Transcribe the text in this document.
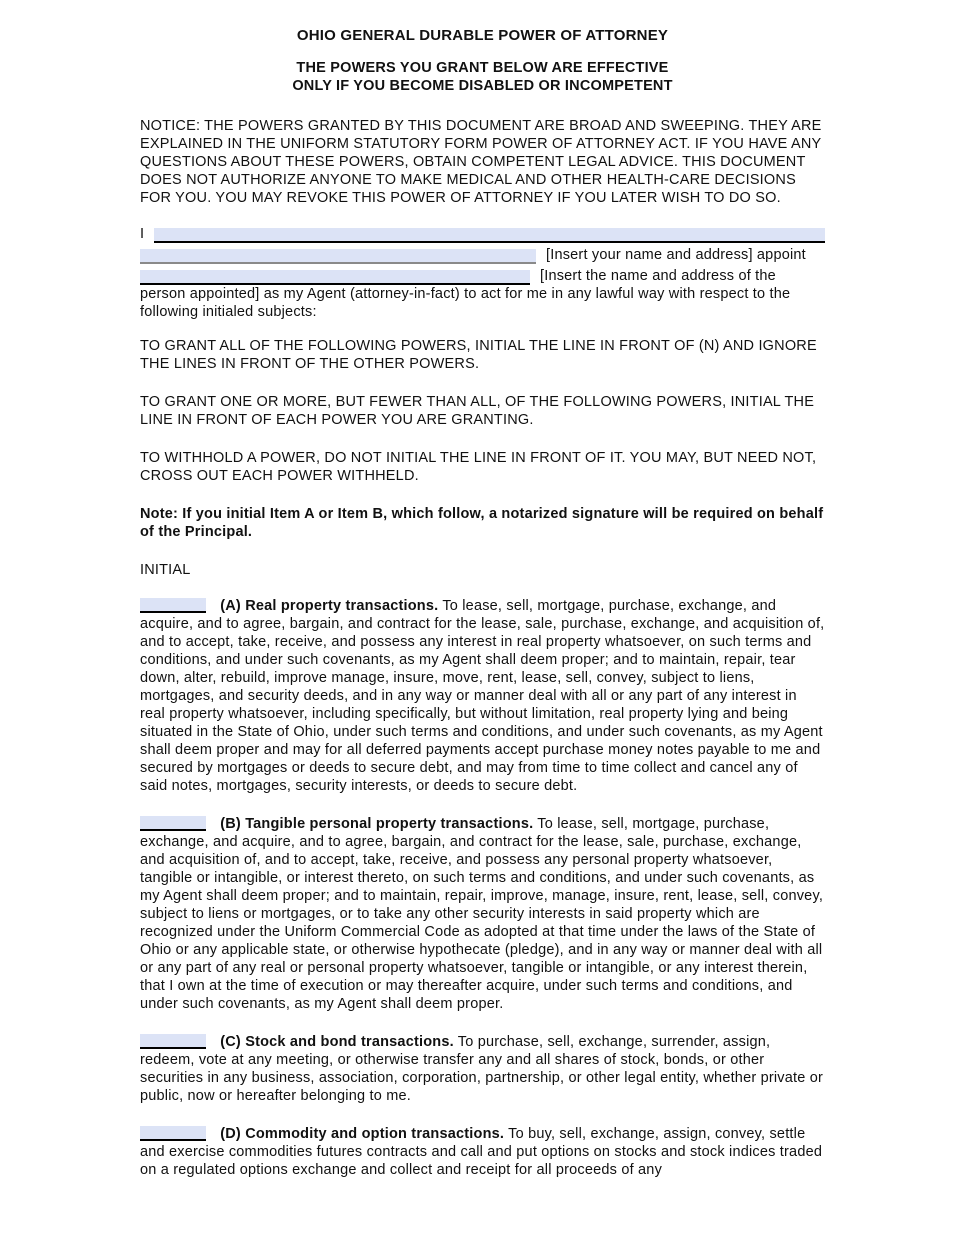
OHIO GENERAL DURABLE POWER OF ATTORNEY
THE POWERS YOU GRANT BELOW ARE EFFECTIVE
ONLY IF YOU BECOME DISABLED OR INCOMPETENT

NOTICE: THE POWERS GRANTED BY THIS DOCUMENT ARE BROAD AND SWEEPING. THEY ARE EXPLAINED IN THE UNIFORM STATUTORY FORM POWER OF ATTORNEY ACT. IF YOU HAVE ANY QUESTIONS ABOUT THESE POWERS, OBTAIN COMPETENT LEGAL ADVICE. THIS DOCUMENT DOES NOT AUTHORIZE ANYONE TO MAKE MEDICAL AND OTHER HEALTH-CARE DECISIONS FOR YOU. YOU MAY REVOKE THIS POWER OF ATTORNEY IF YOU LATER WISH TO DO SO.

I
[Insert your name and address] appoint
[Insert the name and address of the

person appointed] as my Agent (attorney-in-fact) to act for me in any lawful way with respect to the following initialed subjects:

TO GRANT ALL OF THE FOLLOWING POWERS, INITIAL THE LINE IN FRONT OF (N) AND IGNORE THE LINES IN FRONT OF THE OTHER POWERS.

TO GRANT ONE OR MORE, BUT FEWER THAN ALL, OF THE FOLLOWING POWERS, INITIAL THE LINE IN FRONT OF EACH POWER YOU ARE GRANTING.

TO WITHHOLD A POWER, DO NOT INITIAL THE LINE IN FRONT OF IT. YOU MAY, BUT NEED NOT, CROSS OUT EACH POWER WITHHELD.

Note: If you initial Item A or Item B, which follow, a notarized signature will be required on behalf of the Principal.

INITIAL

(A) Real property transactions. To lease, sell, mortgage, purchase, exchange, and acquire, and to agree, bargain, and contract for the lease, sale, purchase, exchange, and acquisition of, and to accept, take, receive, and possess any interest in real property whatsoever, on such terms and conditions, and under such covenants, as my Agent shall deem proper; and to maintain, repair, tear down, alter, rebuild, improve manage, insure, move, rent, lease, sell, convey, subject to liens, mortgages, and security deeds, and in any way or manner deal with all or any part of any interest in real property whatsoever, including specifically, but without limitation, real property lying and being situated in the State of Ohio, under such terms and conditions, and under such covenants, as my Agent shall deem proper and may for all deferred payments accept purchase money notes payable to me and secured by mortgages or deeds to secure debt, and may from time to time collect and cancel any of said notes, mortgages, security interests, or deeds to secure debt.

(B) Tangible personal property transactions. To lease, sell, mortgage, purchase, exchange, and acquire, and to agree, bargain, and contract for the lease, sale, purchase, exchange, and acquisition of, and to accept, take, receive, and possess any personal property whatsoever, tangible or intangible, or interest thereto, on such terms and conditions, and under such covenants, as my Agent shall deem proper; and to maintain, repair, improve, manage, insure, rent, lease, sell, convey, subject to liens or mortgages, or to take any other security interests in said property which are recognized under the Uniform Commercial Code as adopted at that time under the laws of the State of Ohio or any applicable state, or otherwise hypothecate (pledge), and in any way or manner deal with all or any part of any real or personal property whatsoever, tangible or intangible, or any interest therein, that I own at the time of execution or may thereafter acquire, under such terms and conditions, and under such covenants, as my Agent shall deem proper.

(C) Stock and bond transactions. To purchase, sell, exchange, surrender, assign, redeem, vote at any meeting, or otherwise transfer any and all shares of stock, bonds, or other securities in any business, association, corporation, partnership, or other legal entity, whether private or public, now or hereafter belonging to me.

(D) Commodity and option transactions. To buy, sell, exchange, assign, convey, settle and exercise commodities futures contracts and call and put options on stocks and stock indices traded on a regulated options exchange and collect and receipt for all proceeds of any
